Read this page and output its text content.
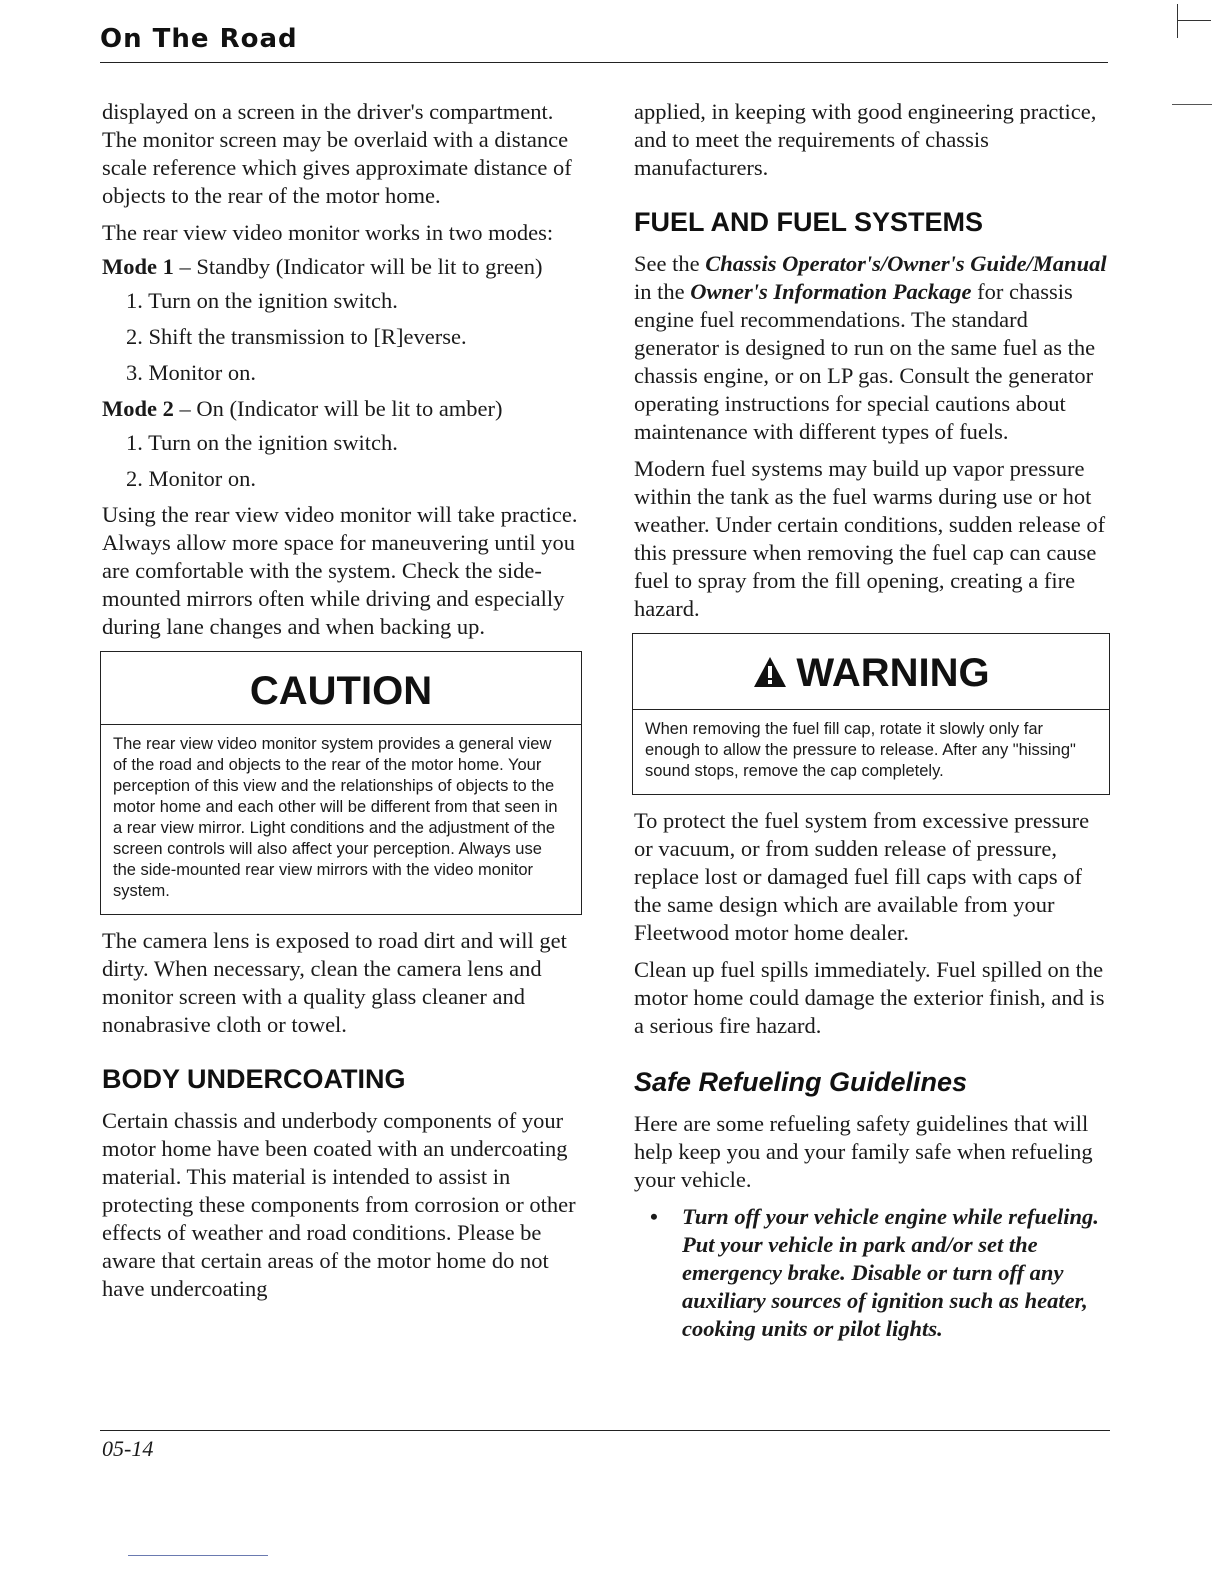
On The Road

displayed on a screen in the driver's compartment. The monitor screen may be overlaid with a distance scale reference which gives approximate distance of objects to the rear of the motor home.

The rear view video monitor works in two modes:

Mode 1 – Standby (Indicator will be lit to green)

1. Turn on the ignition switch.
2. Shift the transmission to [R]everse.
3. Monitor on.

Mode 2 – On (Indicator will be lit to amber)

1. Turn on the ignition switch.
2. Monitor on.

Using the rear view video monitor will take practice. Always allow more space for maneuvering until you are comfortable with the system. Check the side-mounted mirrors often while driving and especially during lane changes and when backing up.

CAUTION
The rear view video monitor system provides a general view of the road and objects to the rear of the motor home. Your perception of this view and the relationships of objects to the motor home and each other will be different from that seen in a rear view mirror. Light conditions and the adjustment of the screen controls will also affect your perception. Always use the side-mounted rear view mirrors with the video monitor system.

The camera lens is exposed to road dirt and will get dirty. When necessary, clean the camera lens and monitor screen with a quality glass cleaner and nonabrasive cloth or towel.

BODY UNDERCOATING

Certain chassis and underbody components of your motor home have been coated with an undercoating material. This material is intended to assist in protecting these components from corrosion or other effects of weather and road conditions. Please be aware that certain areas of the motor home do not have undercoating

applied, in keeping with good engineering practice, and to meet the requirements of chassis manufacturers.

FUEL AND FUEL SYSTEMS

See the Chassis Operator's/Owner's Guide/Manual in the Owner's Information Package for chassis engine fuel recommendations. The standard generator is designed to run on the same fuel as the chassis engine, or on LP gas. Consult the generator operating instructions for special cautions about maintenance with different types of fuels.

Modern fuel systems may build up vapor pressure within the tank as the fuel warms during use or hot weather. Under certain conditions, sudden release of this pressure when removing the fuel cap can cause fuel to spray from the fill opening, creating a fire hazard.

WARNING
When removing the fuel fill cap, rotate it slowly only far enough to allow the pressure to release. After any "hissing" sound stops, remove the cap completely.

To protect the fuel system from excessive pressure or vacuum, or from sudden release of pressure, replace lost or damaged fuel fill caps with caps of the same design which are available from your Fleetwood motor home dealer.

Clean up fuel spills immediately. Fuel spilled on the motor home could damage the exterior finish, and is a serious fire hazard.

Safe Refueling Guidelines

Here are some refueling safety guidelines that will help keep you and your family safe when refueling your vehicle.

•	Turn off your vehicle engine while refueling. Put your vehicle in park and/or set the emergency brake. Disable or turn off any auxiliary sources of ignition such as heater, cooking units or pilot lights.
05-14
